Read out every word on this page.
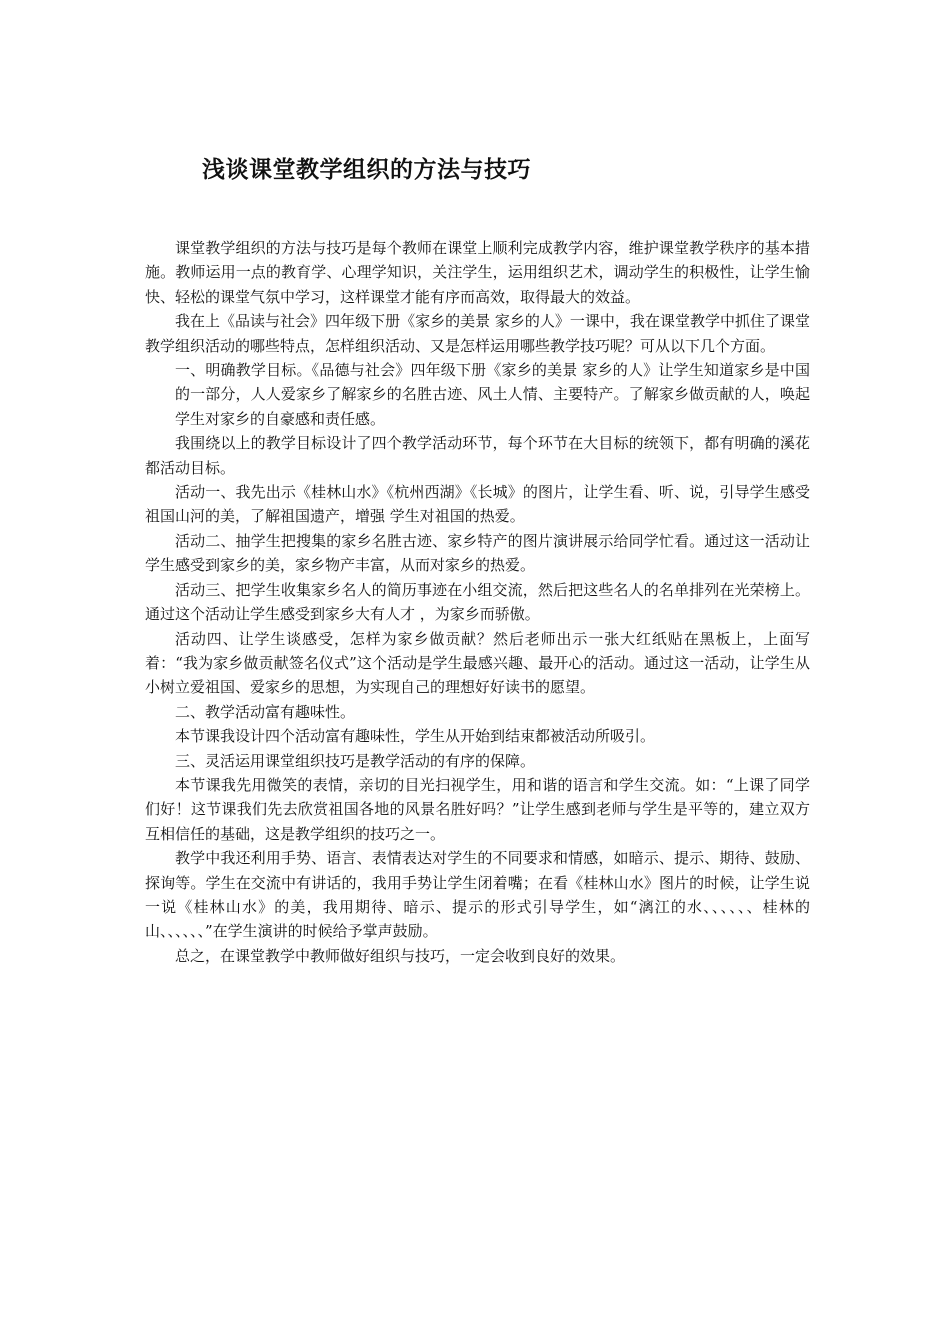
浅谈课堂教学组织的方法与技巧

课堂教学组织的方法与技巧是每个教师在课堂上顺利完成教学内容，维护课堂教学秩序的基本措施。教师运用一点的教育学、心理学知识，关注学生，运用组织艺术，调动学生的积极性，让学生愉快、轻松的课堂气氛中学习，这样课堂才能有序而高效，取得最大的效益。

我在上《品读与社会》四年级下册《家乡的美景 家乡的人》一课中，我在课堂教学中抓住了课堂教学组织活动的哪些特点，怎样组织活动、又是怎样运用哪些教学技巧呢？可从以下几个方面。

一、明确教学目标。《品德与社会》四年级下册《家乡的美景 家乡的人》让学生知道家乡是中国的一部分，人人爱家乡了解家乡的名胜古迹、风土人情、主要特产。了解家乡做贡献的人，唤起学生对家乡的自豪感和责任感。

我围绕以上的教学目标设计了四个教学活动环节，每个环节在大目标的统领下，都有明确的溪花都活动目标。

活动一、我先出示《桂林山水》《杭州西湖》《长城》的图片，让学生看、听、说，引导学生感受祖国山河的美，了解祖国遗产，增强 学生对祖国的热爱。

活动二、抽学生把搜集的家乡名胜古迹、家乡特产的图片演讲展示给同学忙看。通过这一活动让学生感受到家乡的美，家乡物产丰富，从而对家乡的热爱。

活动三、把学生收集家乡名人的简历事迹在小组交流，然后把这些名人的名单排列在光荣榜上。通过这个活动让学生感受到家乡大有人才 ，为家乡而骄傲。

活动四、让学生谈感受，怎样为家乡做贡献？然后老师出示一张大红纸贴在黑板上，上面写着：“我为家乡做贡献签名仪式”这个活动是学生最感兴趣、最开心的活动。通过这一活动，让学生从小树立爱祖国、爱家乡的思想，为实现自己的理想好好读书的愿望。

二、教学活动富有趣味性。

本节课我设计四个活动富有趣味性，学生从开始到结束都被活动所吸引。

三、灵活运用课堂组织技巧是教学活动的有序的保障。

本节课我先用微笑的表情，亲切的目光扫视学生，用和谐的语言和学生交流。如：“上课了同学们好！这节课我们先去欣赏祖国各地的风景名胜好吗？”让学生感到老师与学生是平等的，建立双方互相信任的基础，这是教学组织的技巧之一。

教学中我还利用手势、语言、表情表达对学生的不同要求和情感，如暗示、提示、期待、鼓励、探询等。学生在交流中有讲话的，我用手势让学生闭着嘴；在看《桂林山水》图片的时候，让学生说一说《桂林山水》的美，我用期待、暗示、提示的形式引导学生，如“漓江的水、、、、、、桂林的山、、、、、、”在学生演讲的时候给予掌声鼓励。

总之，在课堂教学中教师做好组织与技巧，一定会收到良好的效果。
